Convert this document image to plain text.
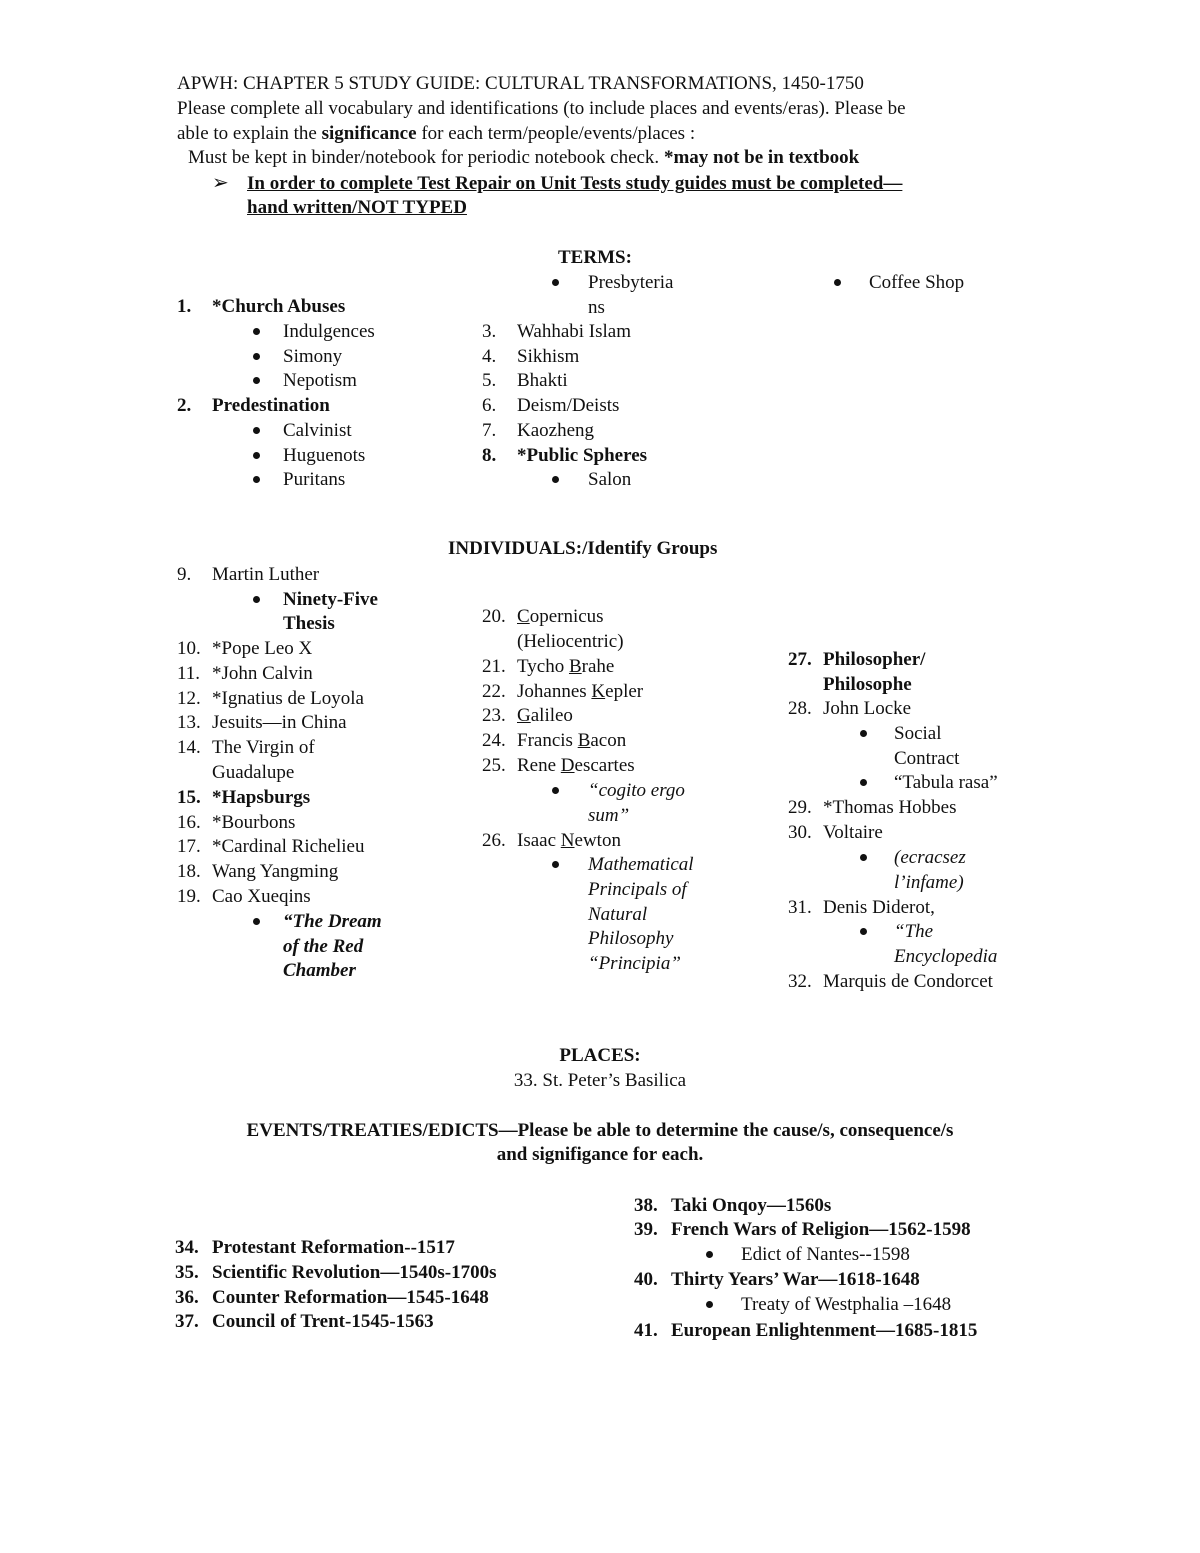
APWH: CHAPTER 5 STUDY GUIDE: CULTURAL TRANSFORMATIONS, 1450-1750
Please complete all vocabulary and identifications (to include places and events/eras). Please be
able to explain the significance for each term/people/events/places :
Must be kept in binder/notebook for periodic notebook check. *may not be in textbook
➢ In order to complete Test Repair on Unit Tests study guides must be completed—
hand written/NOT TYPED
TERMS:
1. *Church Abuses
Indulgences
Simony
Nepotism
2. Predestination
Calvinist
Huguenots
Puritans
Presbyteria
ns
3. Wahhabi Islam
4. Sikhism
5. Bhakti
6. Deism/Deists
7. Kaozheng
8. *Public Spheres
Salon
Coffee Shop
INDIVIDUALS:/Identify Groups
9. Martin Luther
Ninety-Five
Thesis
10. *Pope Leo X
11. *John Calvin
12. *Ignatius de Loyola
13. Jesuits—in China
14. The Virgin of
Guadalupe
15. *Hapsburgs
16. *Bourbons
17. *Cardinal Richelieu
18. Wang Yangming
19. Cao Xueqins
“The Dream
of the Red
Chamber
20. Copernicus
(Heliocentric)
21. Tycho Brahe
22. Johannes Kepler
23. Galileo
24. Francis Bacon
25. Rene Descartes
“cogito ergo
sum”
26. Isaac Newton
Mathematical
Principals of
Natural
Philosophy
“Principia”
27. Philosopher/
Philosophe
28. John Locke
Social
Contract
“Tabula rasa”
29. *Thomas Hobbes
30. Voltaire
(ecracsez
l’infame)
31. Denis Diderot,
“The
Encyclopedia
32. Marquis de Condorcet
PLACES:
33. St. Peter’s Basilica
EVENTS/TREATIES/EDICTS—Please be able to determine the cause/s, consequence/s
and signifigance for each.
34. Protestant Reformation--1517
35. Scientific Revolution—1540s-1700s
36. Counter Reformation—1545-1648
37. Council of Trent-1545-1563
38. Taki Onqoy—1560s
39. French Wars of Religion—1562-1598
Edict of Nantes--1598
40. Thirty Years’ War—1618-1648
Treaty of Westphalia –1648
41. European Enlightenment—1685-1815
